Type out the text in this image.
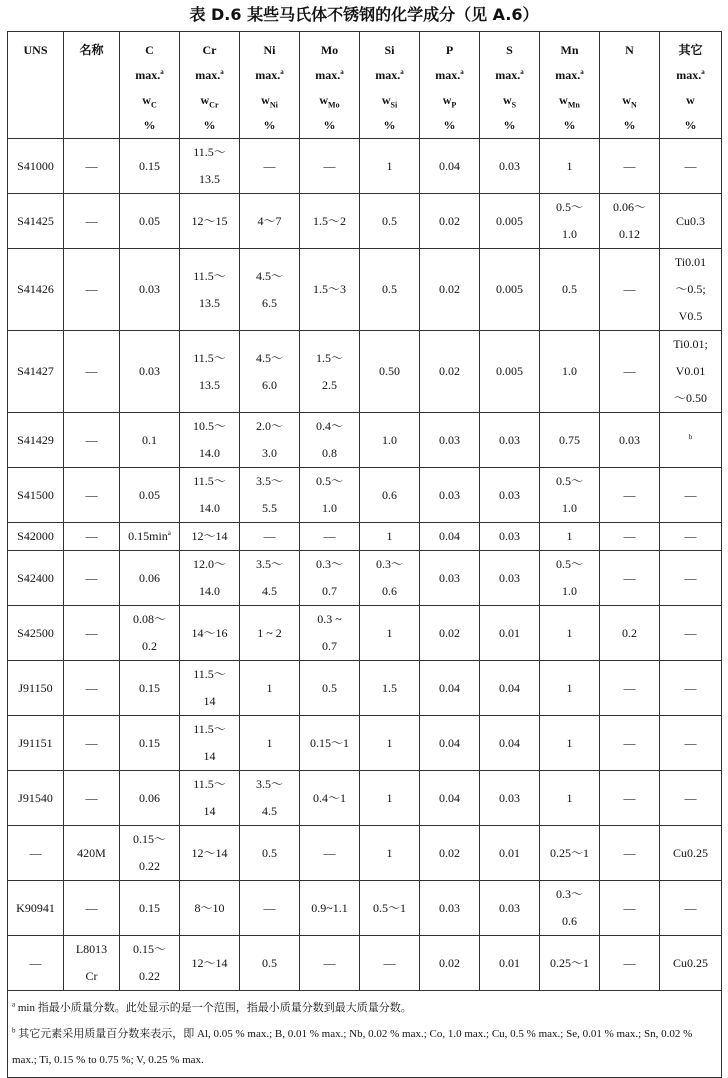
表 D.6 某些马氏体不锈钢的化学成分（见 A.6）
UNS	名称	C
max.$^a$
$w_C$
%	Cr
max.$^a$
$w_{Cr}$
%	Ni
max.$^a$
$w_{Ni}$
%	Mo
max.$^a$
$w_{Mo}$
%	Si
max.$^a$
$w_{Si}$
%	P
max.$^a$
$w_P$
%	S
max.$^a$
$w_S$
%	Mn
max.$^a$
$w_{Mn}$
%	N

$w_N$
%	其它
max.$^a$
w
%

S41000	—	0.15	11.5～
13.5	—	—	1	0.04	0.03	1	—	—
S41425	—	0.05	12～15	4～7	1.5～2	0.5	0.02	0.005	0.5～
1.0	0.06～
0.12	Cu0.3
S41426	—	0.03	11.5～
13.5	4.5～
6.5	1.5～3	0.5	0.02	0.005	0.5	—	Ti0.01
～0.5;
V0.5
S41427	—	0.03	11.5～
13.5	4.5～
6.0	1.5～
2.5	0.50	0.02	0.005	1.0	—	Ti0.01;
V0.01
～0.50
S41429	—	0.1	10.5～
14.0	2.0～
3.0	0.4～
0.8	1.0	0.03	0.03	0.75	0.03	$^b$
S41500	—	0.05	11.5～
14.0	3.5～
5.5	0.5～
1.0	0.6	0.03	0.03	0.5～
1.0	—	—
S42000	—	$0.15\min^a$	12～14	—	—	1	0.04	0.03	1	—	—
S42400	—	0.06	12.0～
14.0	3.5～
4.5	0.3～
0.7	0.3～
0.6	0.03	0.03	0.5～
1.0	—	—
S42500	—	0.08～
0.2	14～16	1 ~ 2	0.3 ~
0.7	1	0.02	0.01	1	0.2	—
J91150	—	0.15	11.5～
14	1	0.5	1.5	0.04	0.04	1	—	—
J91151	—	0.15	11.5～
14	1	0.15～1	1	0.04	0.04	1	—	—
J91540	—	0.06	11.5～
14	3.5～
4.5	0.4～1	1	0.04	0.03	1	—	—
—	420M	0.15～
0.22	12～14	0.5	—	1	0.02	0.01	0.25～1	—	Cu0.25
K90941	—	0.15	8～10	—	0.9~1.1	0.5～1	0.03	0.03	0.3～
0.6	—	—
—	L8013
Cr	0.15～
0.22	12～14	0.5	—	—	0.02	0.01	0.25～1	—	Cu0.25

$^a$ min 指最小质量分数。此处显示的是一个范围，指最小质量分数到最大质量分数。
$^b$ 其它元素采用质量百分数来表示，即 Al, 0.05 % max.; B, 0.01 % max.; Nb, 0.02 % max.; Co, 1.0 max.; Cu, 0.5 % max.; Se, 0.01 % max.; Sn, 0.02 % max.; Ti, 0.15 % to 0.75 %; V, 0.25 % max.											
